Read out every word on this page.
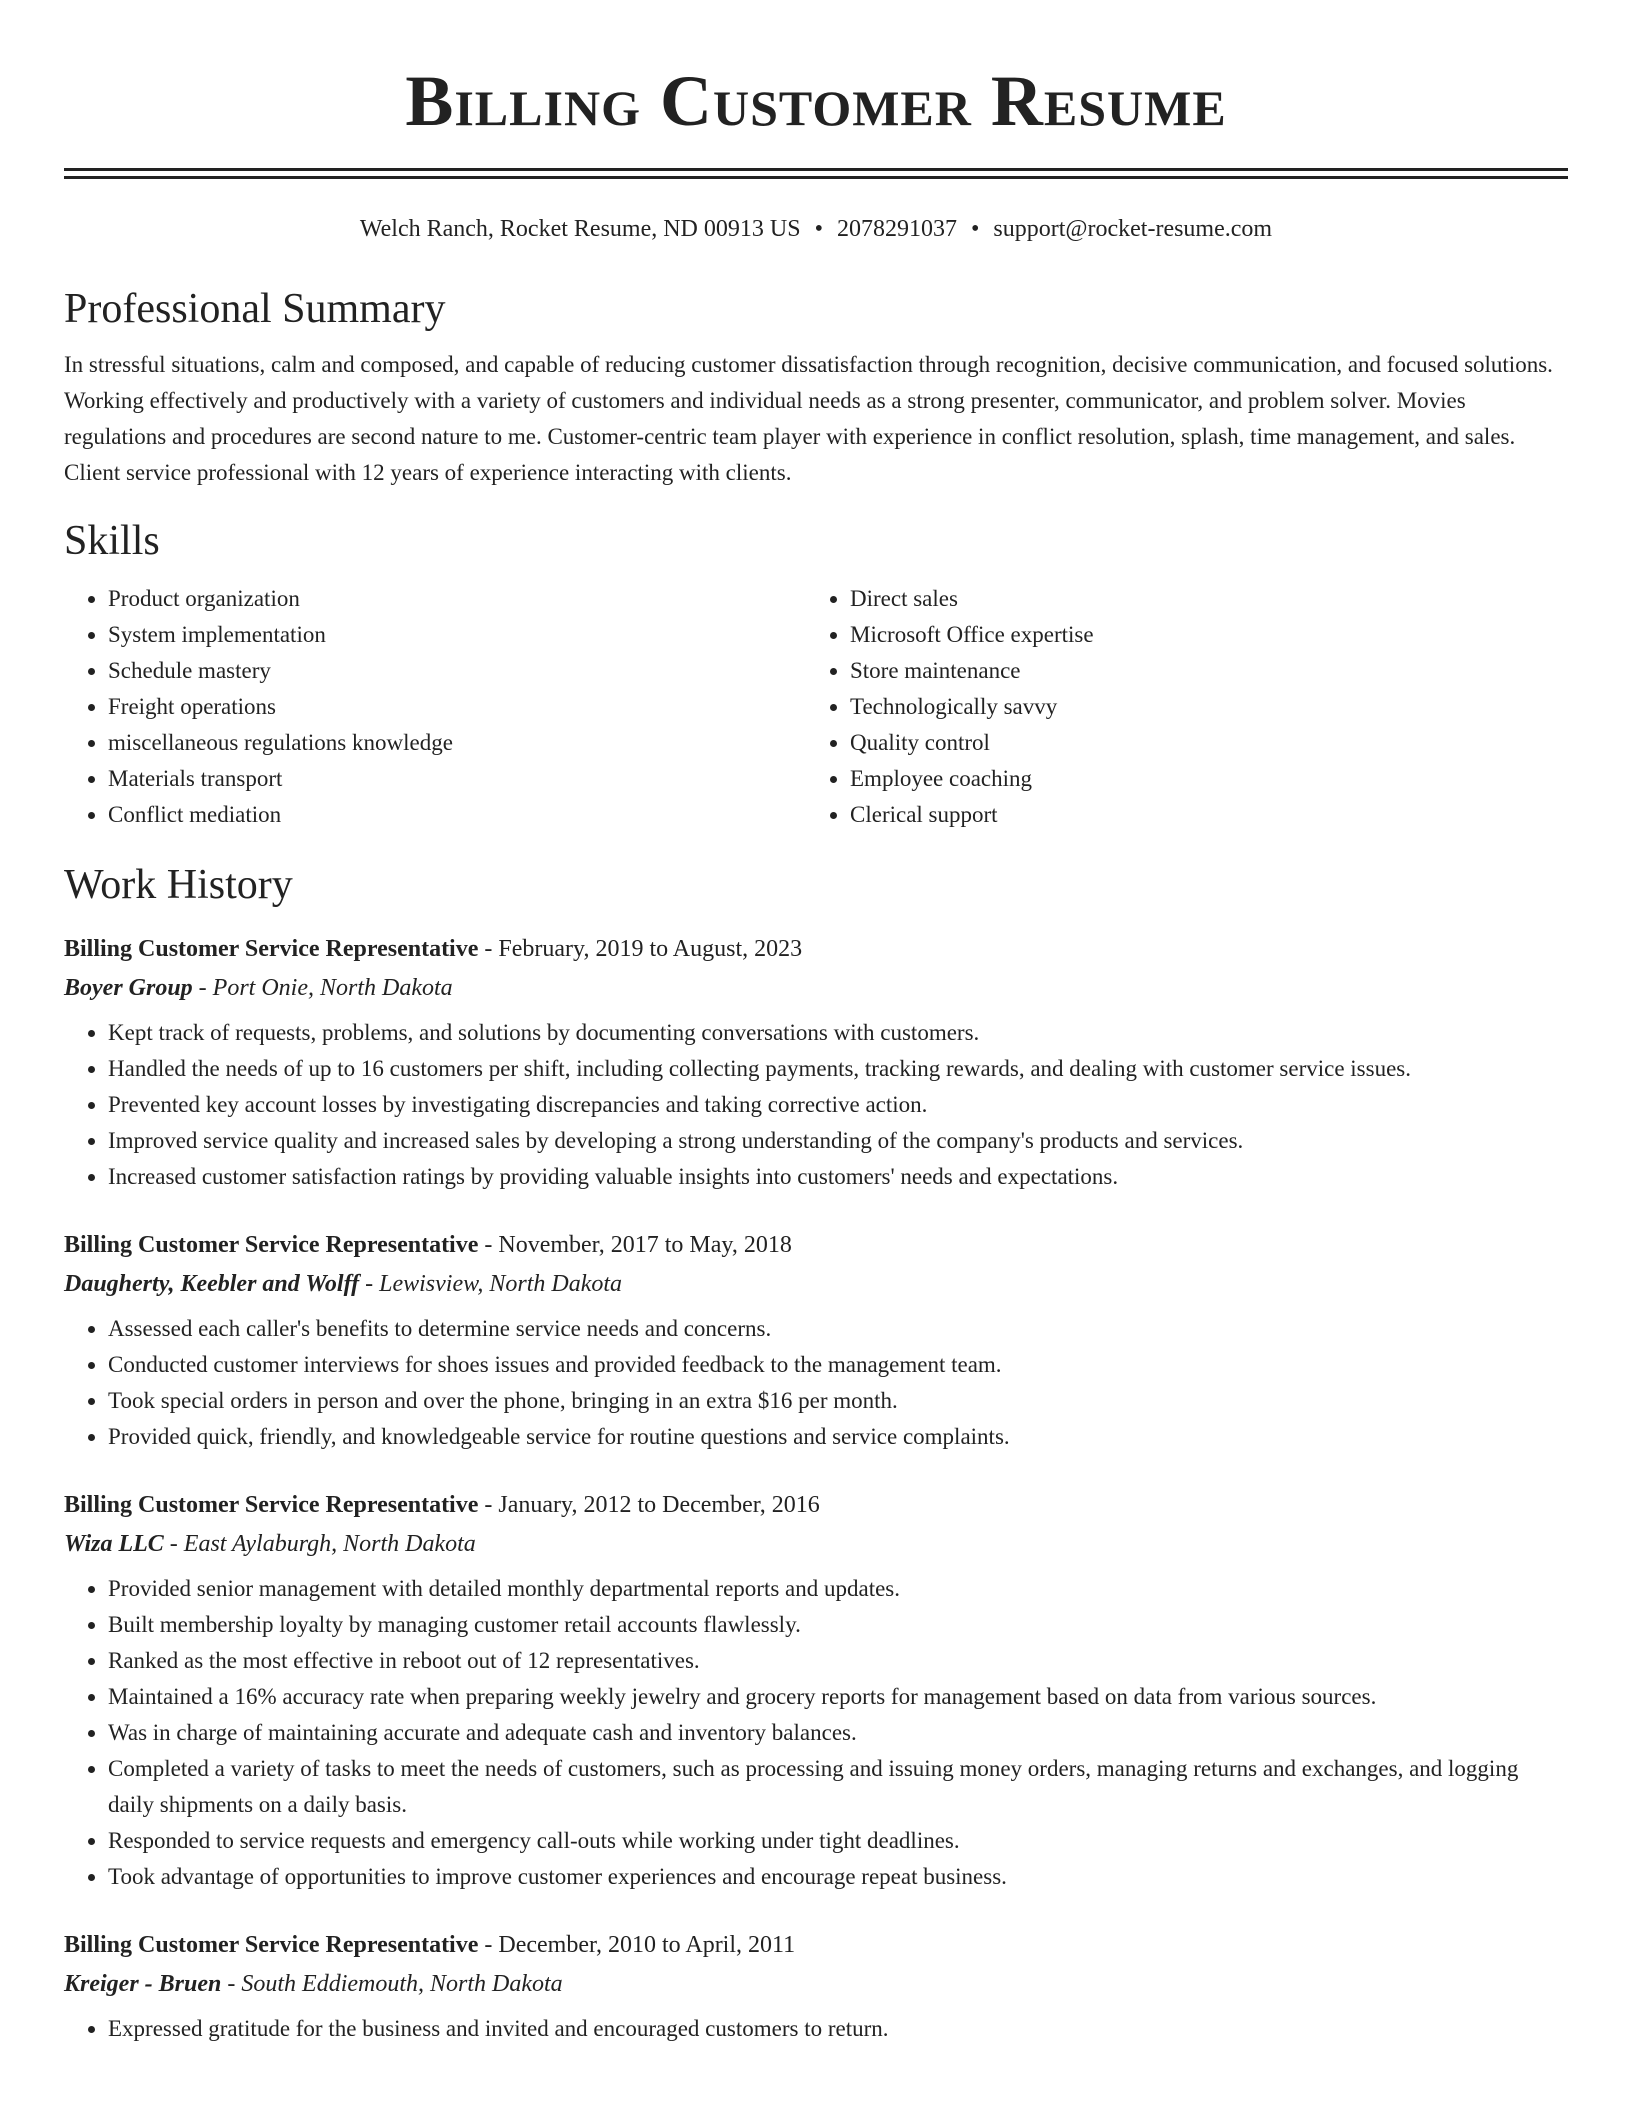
Billing Customer Resume
Welch Ranch, Rocket Resume, ND 00913 US • 2078291037 • support@rocket-resume.com
Professional Summary

In stressful situations, calm and composed, and capable of reducing customer dissatisfaction through recognition, decisive communication, and focused solutions. Working effectively and productively with a variety of customers and individual needs as a strong presenter, communicator, and problem solver. Movies regulations and procedures are second nature to me. Customer-centric team player with experience in conflict resolution, splash, time management, and sales. Client service professional with 12 years of experience interacting with clients.

Skills
• Product organization
• System implementation
• Schedule mastery
• Freight operations
• miscellaneous regulations knowledge
• Materials transport
• Conflict mediation
• Direct sales
• Microsoft Office expertise
• Store maintenance
• Technologically savvy
• Quality control
• Employee coaching
• Clerical support
Work History
Billing Customer Service Representative - February, 2019 to August, 2023
Boyer Group - Port Onie, North Dakota
• Kept track of requests, problems, and solutions by documenting conversations with customers.
• Handled the needs of up to 16 customers per shift, including collecting payments, tracking rewards, and dealing with customer service issues.
• Prevented key account losses by investigating discrepancies and taking corrective action.
• Improved service quality and increased sales by developing a strong understanding of the company's products and services.
• Increased customer satisfaction ratings by providing valuable insights into customers' needs and expectations.
Billing Customer Service Representative - November, 2017 to May, 2018
Daugherty, Keebler and Wolff - Lewisview, North Dakota
• Assessed each caller's benefits to determine service needs and concerns.
• Conducted customer interviews for shoes issues and provided feedback to the management team.
• Took special orders in person and over the phone, bringing in an extra $16 per month.
• Provided quick, friendly, and knowledgeable service for routine questions and service complaints.
Billing Customer Service Representative - January, 2012 to December, 2016
Wiza LLC - East Aylaburgh, North Dakota
• Provided senior management with detailed monthly departmental reports and updates.
• Built membership loyalty by managing customer retail accounts flawlessly.
• Ranked as the most effective in reboot out of 12 representatives.
• Maintained a 16% accuracy rate when preparing weekly jewelry and grocery reports for management based on data from various sources.
• Was in charge of maintaining accurate and adequate cash and inventory balances.
• Completed a variety of tasks to meet the needs of customers, such as processing and issuing money orders, managing returns and exchanges, and logging daily shipments on a daily basis.
• Responded to service requests and emergency call-outs while working under tight deadlines.
• Took advantage of opportunities to improve customer experiences and encourage repeat business.
Billing Customer Service Representative - December, 2010 to April, 2011
Kreiger - Bruen - South Eddiemouth, North Dakota
• Expressed gratitude for the business and invited and encouraged customers to return.
